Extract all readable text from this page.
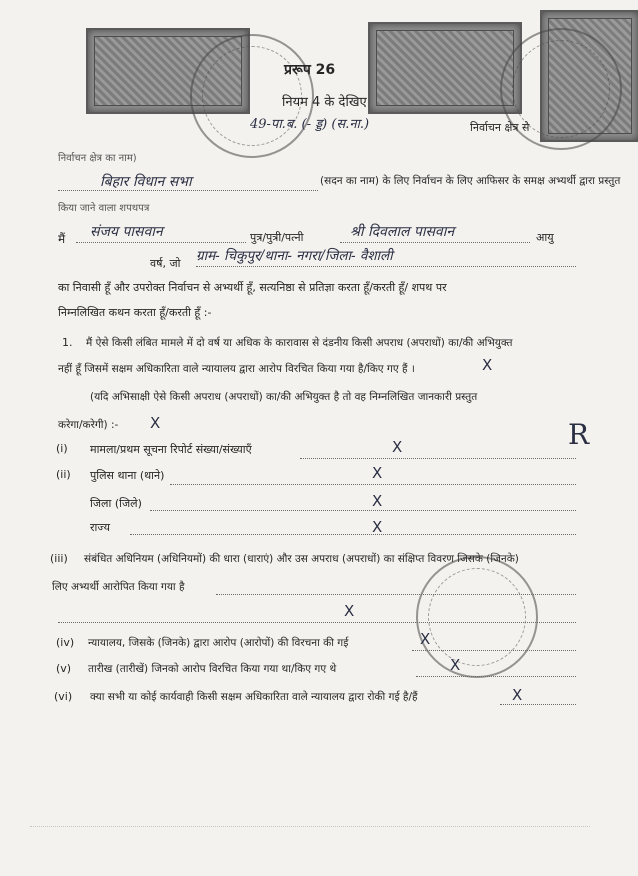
प्ररूप 26
नियम 4 के देखिए
49-पा.ब. (- ड्ड) (स.ना.)	निर्वाचन क्षेत्र से
निर्वाचन क्षेत्र का नाम)
बिहार विधान सभा	(सदन का नाम) के लिए निर्वाचन के लिए आफिसर के समक्ष अभ्यर्थी द्वारा प्रस्तुत
किया जाने वाला शपथपत्र
मैं संजय पासवान	पुत्र/पुत्री/पत्नी	श्री दिवलाल पासवान	आयु
वर्ष, जो ग्राम- चिकुपुर/थाना- नगरा/जिला- वैशाली
का निवासी हूँ और उपरोक्त निर्वाचन से अभ्यर्थी हूँ, सत्यनिष्ठा से प्रतिज्ञा करता हूँ/करती हूँ/ शपथ पर
निम्नलिखित कथन करता हूँ/करती हूँ :-
1. मैं ऐसे किसी लंबित मामले में दो वर्ष या अधिक के कारावास से दंडनीय किसी अपराध (अपराधों) का/की अभियुक्त
नहीं हूँ जिसमें सक्षम अधिकारिता वाले न्यायालय द्वारा आरोप विरचित किया गया है/किए गए हैं ।	X
(यदि अभिसाक्षी ऐसे किसी अपराध (अपराधों) का/की अभियुक्त है तो वह निम्नलिखित जानकारी प्रस्तुत
करेगा/करेगी) :- X
(i) मामला/प्रथम सूचना रिपोर्ट संख्या/संख्याएँ	X
(ii) पुलिस थाना (थाने)	X
जिला (जिले)	X
राज्य	X
(iii) संबंधित अधिनियम (अधिनियमों) की धारा (धाराएं) और उस अपराध (अपराधों) का संक्षिप्त विवरण जिसके (जिनके)
लिए अभ्यर्थी आरोपित किया गया है
X
(iv) न्यायालय, जिसके (जिनके) द्वारा आरोप (आरोपों) की विरचना की गई	X
(v) तारीख (तारीखें) जिनको आरोप विरचित किया गया था/किए गए थे	X
(vi) क्या सभी या कोई कार्यवाही किसी सक्षम अधिकारिता वाले न्यायालय द्वारा रोकी गई है/हैं	X
R
